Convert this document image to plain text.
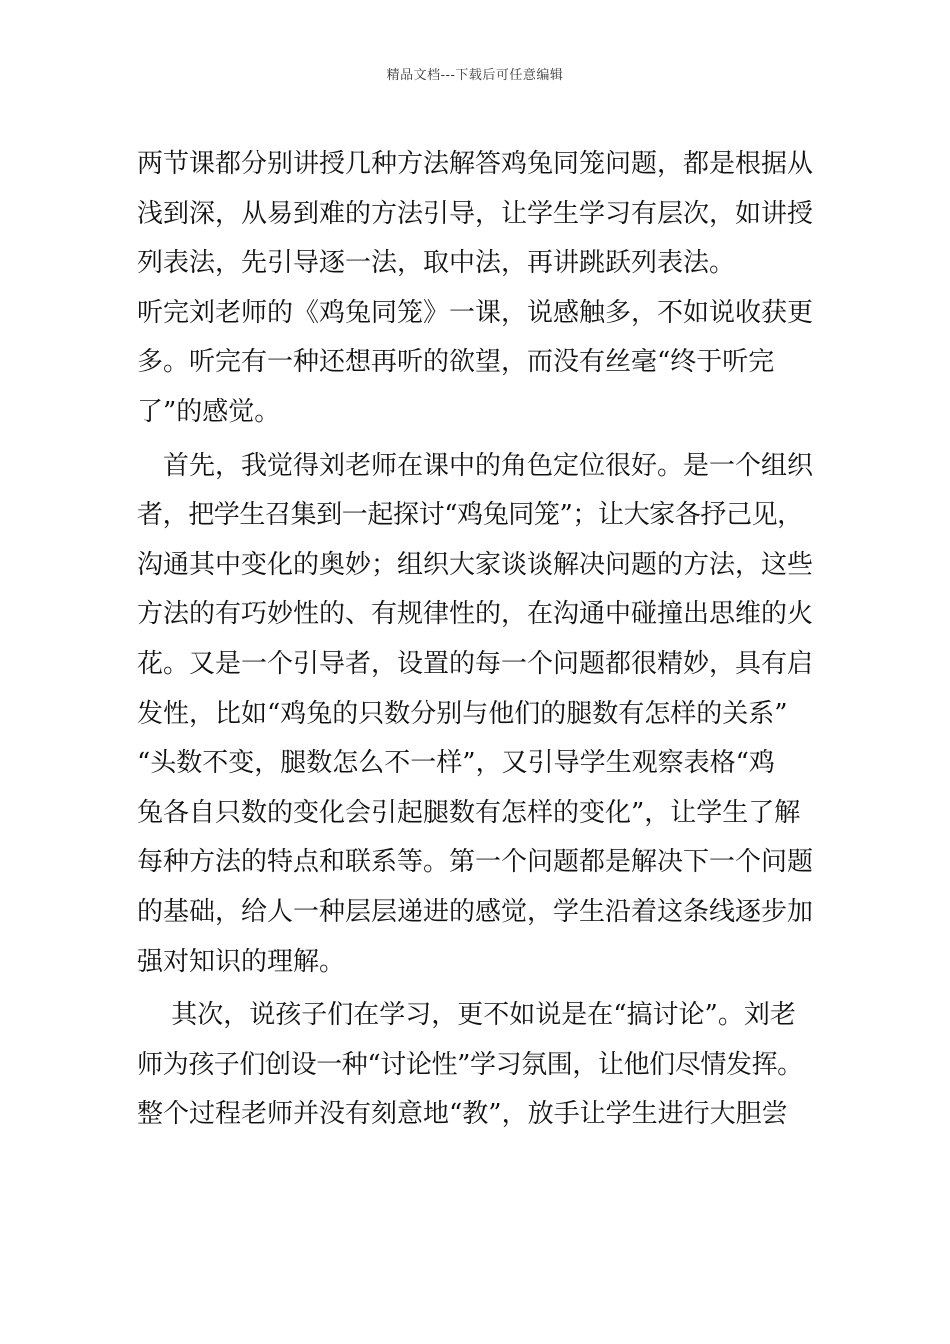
精品文档---下载后可任意编辑
两节课都分别讲授几种方法解答鸡兔同笼问题，都是根据从
浅到深，从易到难的方法引导，让学生学习有层次，如讲授
列表法，先引导逐一法，取中法，再讲跳跃列表法。
听完刘老师的《鸡兔同笼》一课，说感触多，不如说收获更
多。听完有一种还想再听的欲望，而没有丝毫“终于听完
了”的感觉。
　首先，我觉得刘老师在课中的角色定位很好。是一个组织
者，把学生召集到一起探讨“鸡兔同笼”；让大家各抒己见，
沟通其中变化的奥妙；组织大家谈谈解决问题的方法，这些
方法的有巧妙性的、有规律性的，在沟通中碰撞出思维的火
花。又是一个引导者，设置的每一个问题都很精妙，具有启
发性，比如“鸡兔的只数分别与他们的腿数有怎样的关系”
“头数不变，腿数怎么不一样”，又引导学生观察表格“鸡
兔各自只数的变化会引起腿数有怎样的变化”，让学生了解
每种方法的特点和联系等。第一个问题都是解决下一个问题
的基础，给人一种层层递进的感觉，学生沿着这条线逐步加
强对知识的理解。
　 其次，说孩子们在学习，更不如说是在“搞讨论”。刘老
师为孩子们创设一种“讨论性”学习氛围，让他们尽情发挥。
整个过程老师并没有刻意地“教”，放手让学生进行大胆尝
